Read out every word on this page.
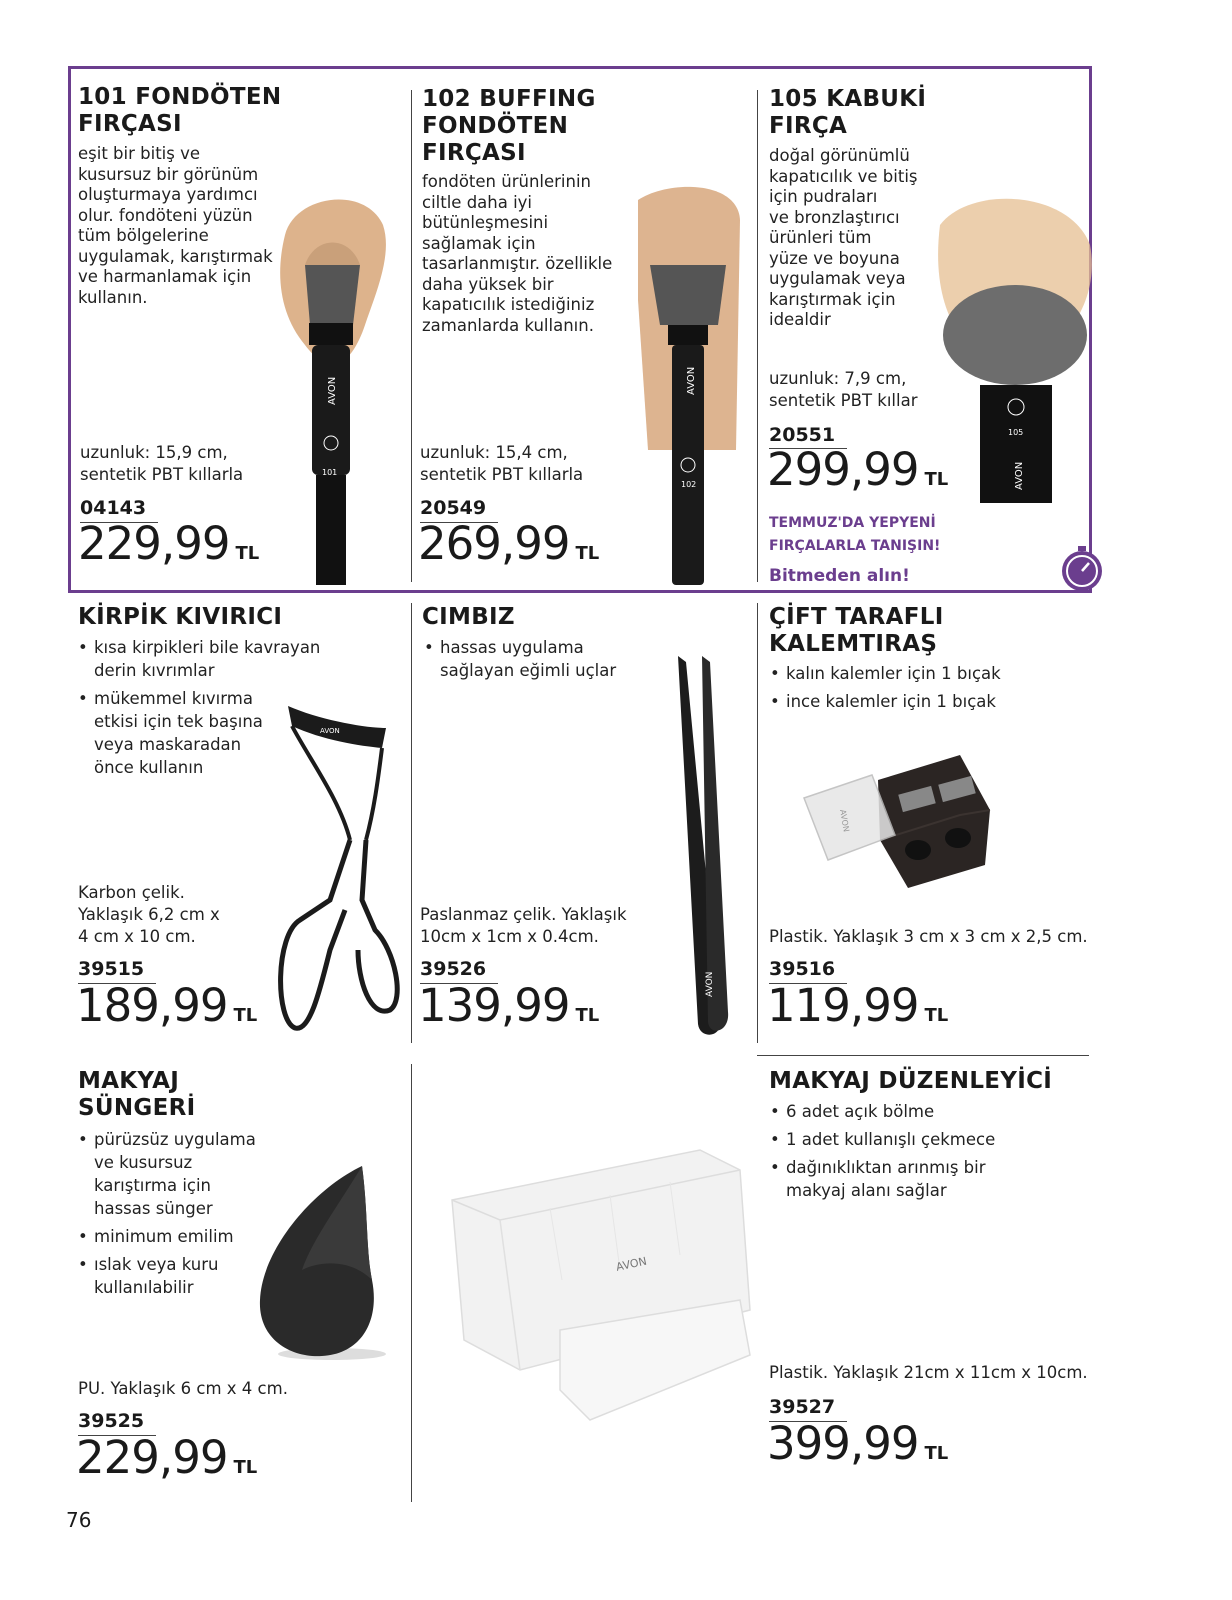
101 FONDÖTEN
FIRÇASI
eşit bir bitiş ve
kusursuz bir görünüm
oluşturmaya yardımcı
olur. fondöteni yüzün
tüm bölgelerine
uygulamak, karıştırmak
ve harmanlamak için
kullanın.
uzunluk: 15,9 cm,
sentetik PBT kıllarla
04143
229,99 TL
AVON
101
102 BUFFING
FONDÖTEN
FIRÇASI
fondöten ürünlerinin
ciltle daha iyi
bütünleşmesini
sağlamak için
tasarlanmıştır. özellikle
daha yüksek bir
kapatıcılık istediğiniz
zamanlarda kullanın.
uzunluk: 15,4 cm,
sentetik PBT kıllarla
20549
269,99 TL
AVON
102
105 KABUKİ
FIRÇA
doğal görünümlü
kapatıcılık ve bitiş
için pudraları
ve bronzlaştırıcı
ürünleri tüm
yüze ve boyuna
uygulamak veya
karıştırmak için
idealdir
uzunluk: 7,9 cm,
sentetik PBT kıllar
20551
299,99 TL
TEMMUZ'DA YEPYENİ
FIRÇALARLA TANIŞIN!
Bitmeden alın!
105
AVON
KİRPİK KIVIRICI
• kısa kirpikleri bile kavrayan
derin kıvrımlar
• mükemmel kıvırma
etkisi için tek başına
veya maskaradan
önce kullanın
Karbon çelik.
Yaklaşık 6,2 cm x
4 cm x 10 cm.
39515
189,99 TL
AVON
CIMBIZ
• hassas uygulama
sağlayan eğimli uçlar
Paslanmaz çelik. Yaklaşık
10cm x 1cm x 0.4cm.
39526
139,99 TL
AVON
ÇİFT TARAFLI
KALEMTIRAŞ
• kalın kalemler için 1 bıçak
• ince kalemler için 1 bıçak
AVON
Plastik. Yaklaşık 3 cm x 3 cm x 2,5 cm.
39516
119,99 TL
MAKYAJ
SÜNGERİ
• pürüzsüz uygulama
ve kusursuz
karıştırma için
hassas sünger
• minimum emilim
• ıslak veya kuru
kullanılabilir
PU. Yaklaşık 6 cm x 4 cm.
39525
229,99 TL
AVON
MAKYAJ DÜZENLEYİCİ
• 6 adet açık bölme
• 1 adet kullanışlı çekmece
• dağınıklıktan arınmış bir
makyaj alanı sağlar
Plastik. Yaklaşık 21cm x 11cm x 10cm.
39527
399,99 TL
76
